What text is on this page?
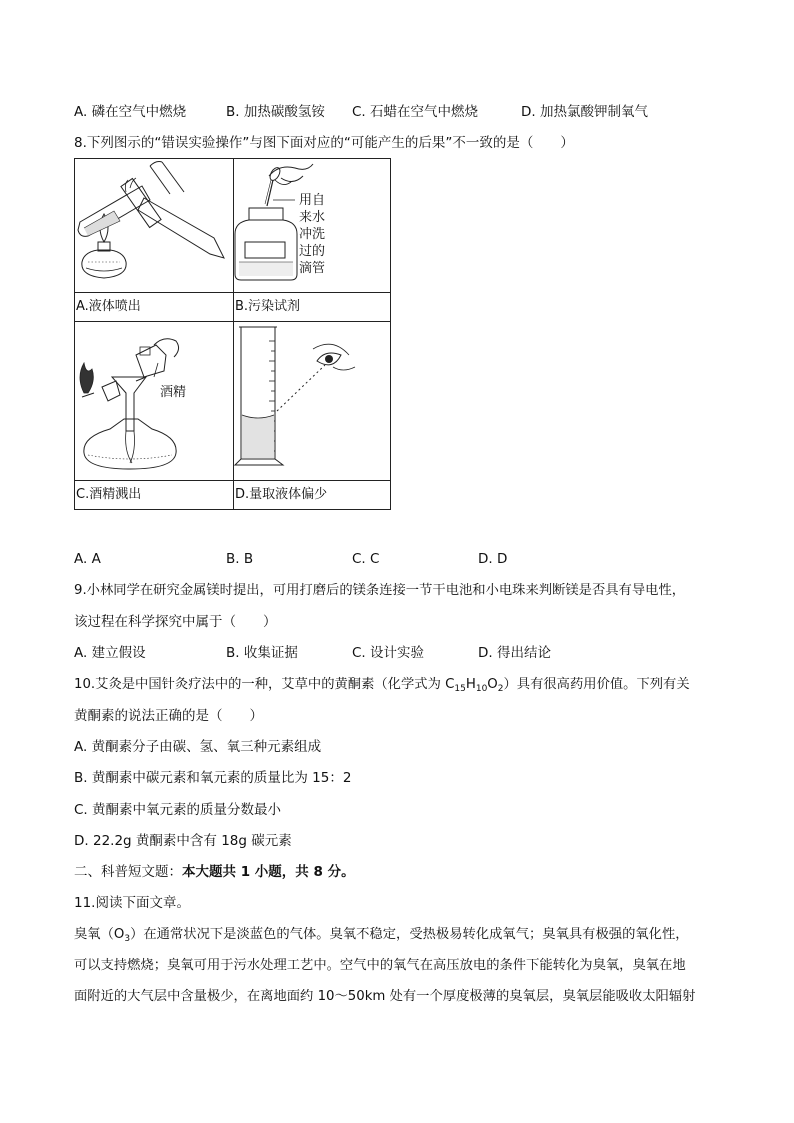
A. 磷在空气中燃烧	B. 加热碳酸氢铵 C. 石蜡在空气中燃烧	D. 加热氯酸钾制氧气
8.下列图示的“错误实验操作”与图下面对应的“可能产生的后果”不一致的是（　　）
A.液体喷出	B.污染试剂
C.酒精溅出	D.量取液体偏少
用自
来水
冲洗
过的
滴管
酒精
A. A	B. B	C. C	D. D
9.小林同学在研究金属镁时提出，可用打磨后的镁条连接一节干电池和小电珠来判断镁是否具有导电性，
该过程在科学探究中属于（　　）
A. 建立假设	B. 收集证据	C. 设计实验	D. 得出结论
10.艾灸是中国针灸疗法中的一种，艾草中的黄酮素（化学式为 $C_{15}H_{10}O_2$）具有很高药用价值。下列有关
黄酮素的说法正确的是（　　）
A. 黄酮素分子由碳、氢、氧三种元素组成
B. 黄酮素中碳元素和氧元素的质量比为 15：2
C. 黄酮素中氧元素的质量分数最小
D. 22.2g 黄酮素中含有 18g 碳元素
二、科普短文题：本大题共 1 小题，共 8 分。
11.阅读下面文章。
臭氧$(O_3)$在通常状况下是淡蓝色的气体。臭氧不稳定，受热极易转化成氧气；臭氧具有极强的氧化性，
可以支持燃烧；臭氧可用于污水处理工艺中。空气中的氧气在高压放电的条件下能转化为臭氧，臭氧在地
面附近的大气层中含量极少，在离地面约 10～50km 处有一个厚度极薄的臭氧层，臭氧层能吸收太阳辐射
